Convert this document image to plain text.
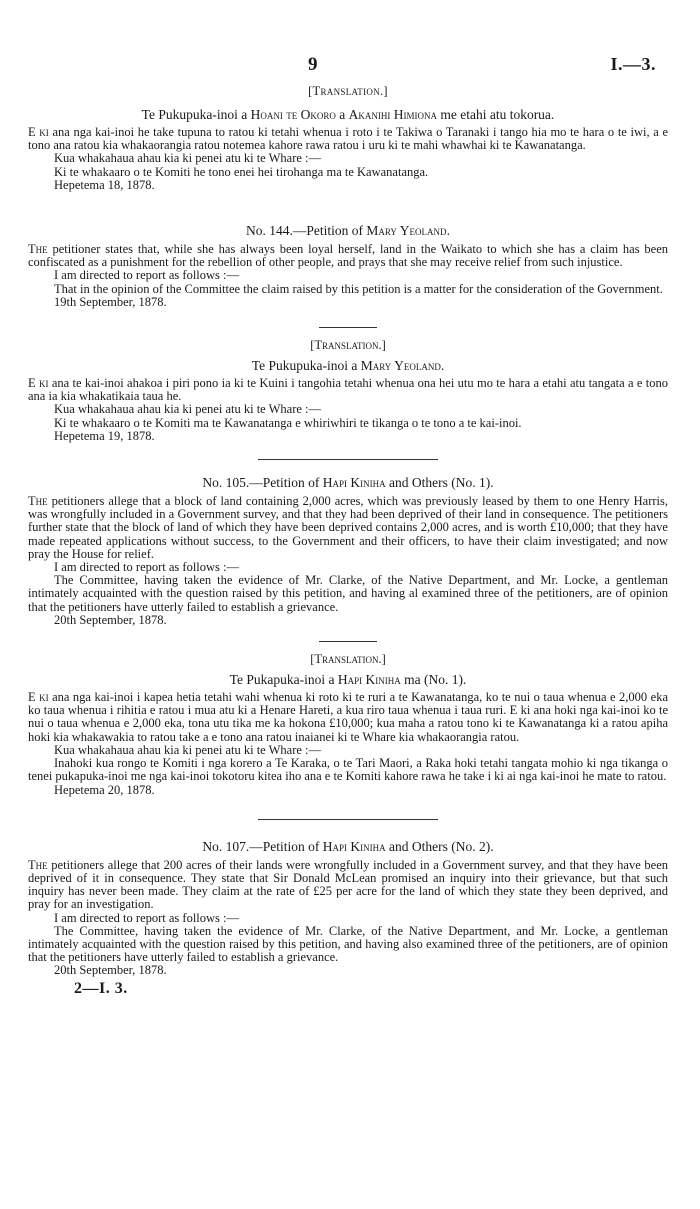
9	I.—3.
[Translation.]
Te Pukupuka-inoi a Hoani te Okoro a Akanihi Himiona me etahi atu tokorua.

E ki ana nga kai-inoi he take tupuna to ratou ki tetahi whenua i roto i te Takiwa o Taranaki i tango hia mo te hara o te iwi, a e tono ana ratou kia whakaorangia ratou notemea kahore rawa ratou i uru ki te mahi whawhai ki te Kawanatanga.

Kua whakahaua ahau kia ki penei atu ki te Whare :—

Ki te whakaaro o te Komiti he tono enei hei tirohanga ma te Kawanatanga.

Hepetema 18, 1878.

No. 144.—Petition of Mary Yeoland.

The petitioner states that, while she has always been loyal herself, land in the Waikato to which she has a claim has been confiscated as a punishment for the rebellion of other people, and prays that she may receive relief from such injustice.

I am directed to report as follows :—

That in the opinion of the Committee the claim raised by this petition is a matter for the consideration of the Government.

19th September, 1878.

[Translation.]
Te Pukupuka-inoi a Mary Yeoland.

E ki ana te kai-inoi ahakoa i piri pono ia ki te Kuini i tangohia tetahi whenua ona hei utu mo te hara a etahi atu tangata a e tono ana ia kia whakatikaia taua he.

Kua whakahaua ahau kia ki penei atu ki te Whare :—

Ki te whakaaro o te Komiti ma te Kawanatanga e whiriwhiri te tikanga o te tono a te kai-inoi.

Hepetema 19, 1878.

No. 105.—Petition of Hapi Kiniha and Others (No. 1).

The petitioners allege that a block of land containing 2,000 acres, which was previously leased by them to one Henry Harris, was wrongfully included in a Government survey, and that they had been deprived of their land in consequence. The petitioners further state that the block of land of which they have been deprived contains 2,000 acres, and is worth £10,000; that they have made repeated applications without success, to the Government and their officers, to have their claim investigated; and now pray the House for relief.

I am directed to report as follows :—

The Committee, having taken the evidence of Mr. Clarke, of the Native Department, and Mr. Locke, a gentleman intimately acquainted with the question raised by this petition, and having al examined three of the petitioners, are of opinion that the petitioners have utterly failed to establish a grievance.

20th September, 1878.

[Translation.]
Te Pukapuka-inoi a Hapi Kiniha ma (No. 1).

E ki ana nga kai-inoi i kapea hetia tetahi wahi whenua ki roto ki te ruri a te Kawanatanga, ko te nui o taua whenua e 2,000 eka ko taua whenua i rihitia e ratou i mua atu ki a Henare Hareti, a kua riro taua whenua i taua ruri. E ki ana hoki nga kai-inoi ko te nui o taua whenua e 2,000 eka, tona utu tika me ka hokona £10,000; kua maha a ratou tono ki te Kawanatanga ki a ratou apiha hoki kia whakawakia to ratou take a e tono ana ratou inaianei ki te Whare kia whakaorangia ratou.

Kua whakahaua ahau kia ki penei atu ki te Whare :—

Inahoki kua rongo te Komiti i nga korero a Te Karaka, o te Tari Maori, a Raka hoki tetahi tangata mohio ki nga tikanga o tenei pukapuka-inoi me nga kai-inoi tokotoru kitea iho ana e te Komiti kahore rawa he take i ki ai nga kai-inoi he mate to ratou.

Hepetema 20, 1878.

No. 107.—Petition of Hapi Kiniha and Others (No. 2).

The petitioners allege that 200 acres of their lands were wrongfully included in a Government survey, and that they have been deprived of it in consequence. They state that Sir Donald McLean promised an inquiry into their grievance, but that such inquiry has never been made. They claim at the rate of £25 per acre for the land of which they state they been deprived, and pray for an investigation.

I am directed to report as follows :—

The Committee, having taken the evidence of Mr. Clarke, of the Native Department, and Mr. Locke, a gentleman intimately acquainted with the question raised by this petition, and having also examined three of the petitioners, are of opinion that the petitioners have utterly failed to establish a grievance.

20th September, 1878.

2—I. 3.
